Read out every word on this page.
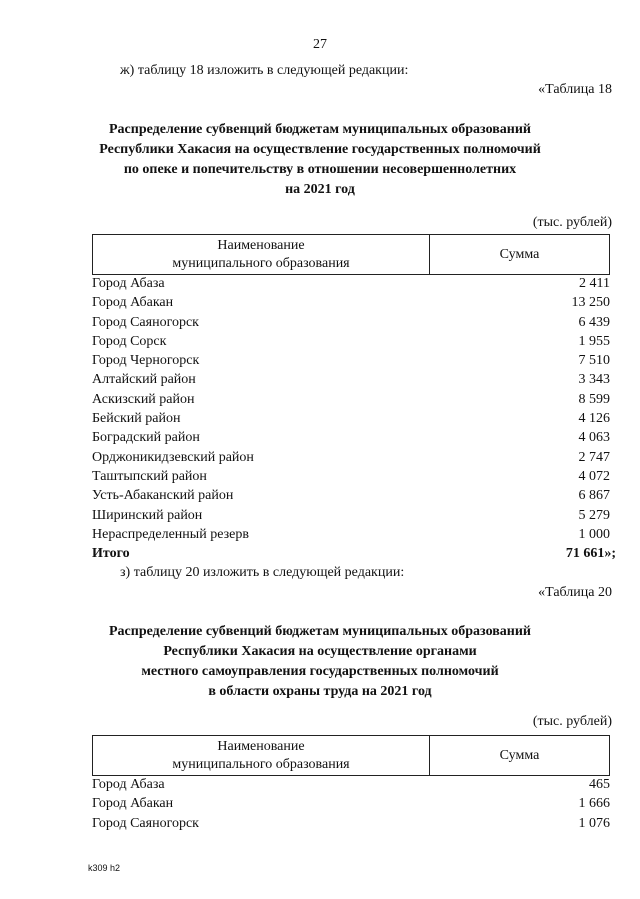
27
ж) таблицу 18 изложить в следующей редакции:
«Таблица 18
Распределение субвенций бюджетам муниципальных образований
Республики Хакасия на осуществление государственных полномочий
по опеке и попечительству в отношении несовершеннолетних
на 2021 год
(тыс. рублей)
Наименование
муниципального образования
	Сумма
Город Абаза	2 411
Город Абакан	13 250
Город Саяногорск	6 439
Город Сорск	1 955
Город Черногорск	7 510
Алтайский район	3 343
Аскизский район	8 599
Бейский район	4 126
Боградский район	4 063
Орджоникидзевский район	2 747
Таштыпский район	4 072
Усть-Абаканский район	6 867
Ширинский район	5 279
Нераспределенный резерв	1 000
Итого	71 661»;
з) таблицу 20 изложить в следующей редакции:
«Таблица 20
Распределение субвенций бюджетам муниципальных образований
Республики Хакасия на осуществление органами
местного самоуправления государственных полномочий
в области охраны труда на 2021 год
(тыс. рублей)
Наименование
муниципального образования
	Сумма
Город Абаза	465
Город Абакан	1 666
Город Саяногорск	1 076
k309 h2
